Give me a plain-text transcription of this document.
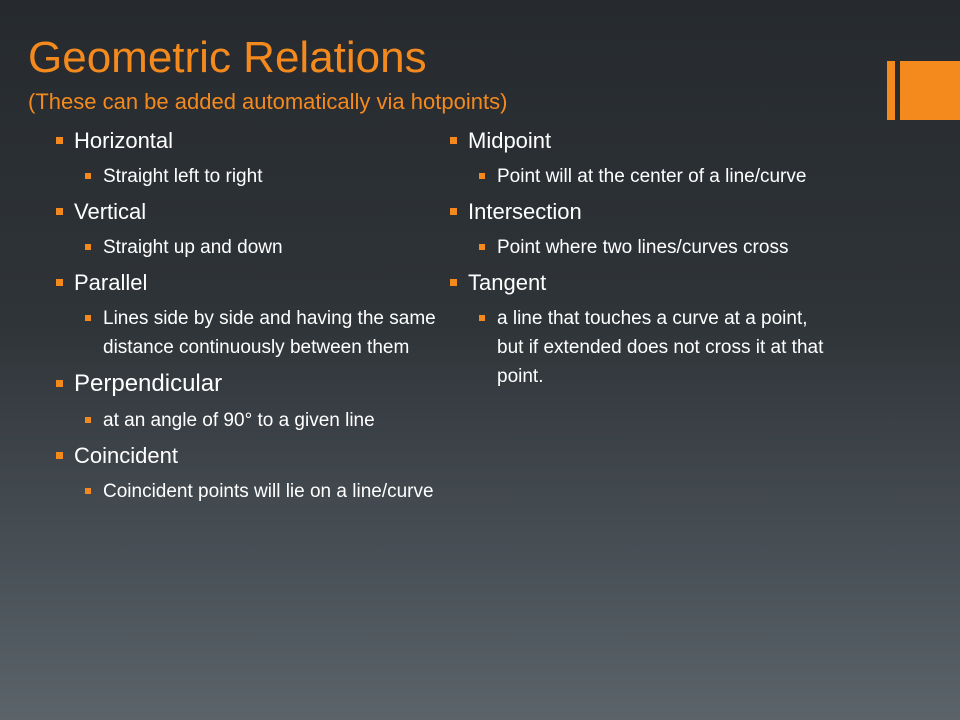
Geometric Relations

(These can be added automatically via hotpoints)

Horizontal
Straight left to right
Vertical
Straight up and down
Parallel
Lines side by side and having the same distance continuously between them
Perpendicular
at an angle of 90° to a given line
Coincident
Coincident points will lie on a line/curve
Midpoint
Point will at the center of a line/curve
Intersection
Point where two lines/curves cross
Tangent
a line that touches a curve at a point, but if extended does not cross it at that point.
